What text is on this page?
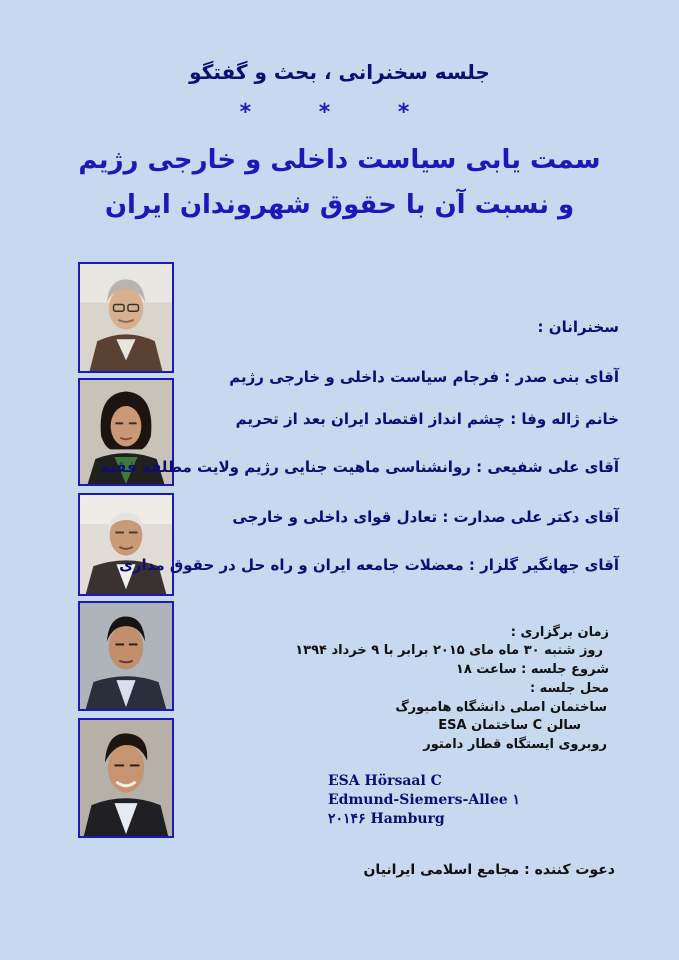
جلسه سخنرانی ، بحث و گفتگو
* * *
سمت یابی سیاست داخلی و خارجی رژیم
و نسبت آن با حقوق شهروندان ایران
سخنرانان :
آقای بنی صدر : فرجام سیاست داخلی و خارجی رژیم
خانم ژاله وفا : چشم انداز اقتصاد ایران بعد از تحریم
آقای علی شفیعی : روانشناسی ماهیت جنایی رژیم ولایت مطلقه فقیه
آقای دکتر علی صدارت : تعادل قوای داخلی و خارجی
آقای جهانگیر گلزار : معضلات جامعه ایران و راه حل در حقوق مداری
زمان برگزاری :
روز شنبه ۳۰ ماه مای ۲۰۱۵ برابر با ۹ خرداد ۱۳۹۴
شروع جلسه : ساعت ۱۸
محل جلسه :
ساختمان اصلی دانشگاه هامبورگ
سالن C ساختمان ESA
روبروی ایستگاه قطار دامتور
ESA Hörsaal C
Edmund-Siemers-Allee ۱
۲۰۱۴۶ Hamburg
دعوت کننده : مجامع اسلامی ایرانیان
